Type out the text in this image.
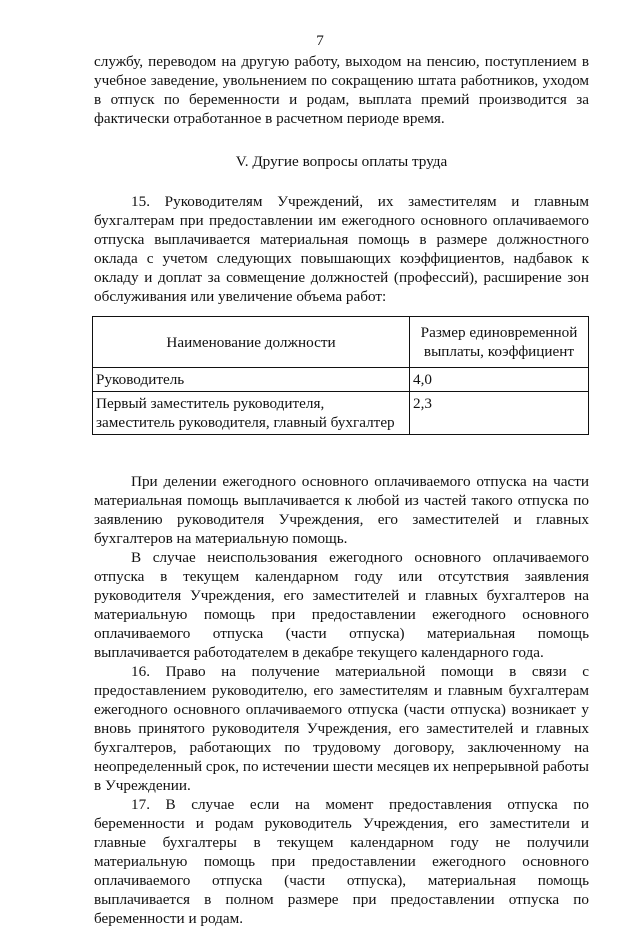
7

службу, переводом на другую работу, выходом на пенсию, поступлением в учебное заведение, увольнением по сокращению штата работников, уходом в отпуск по беременности и родам, выплата премий производится за фактически отработанное в расчетном периоде время.

V. Другие вопросы оплаты труда

15. Руководителям Учреждений, их заместителям и главным бухгалтерам при предоставлении им ежегодного основного оплачиваемого отпуска выплачивается материальная помощь в размере должностного оклада с учетом следующих повышающих коэффициентов, надбавок к окладу и доплат за совмещение должностей (профессий), расширение зон обслуживания или увеличение объема работ:

Наименование должности	Размер единовременной выплаты, коэффициент
Руководитель	4,0
Первый заместитель руководителя, заместитель руководителя, главный бухгалтер	2,3

При делении ежегодного основного оплачиваемого отпуска на части материальная помощь выплачивается к любой из частей такого отпуска по заявлению руководителя Учреждения, его заместителей и главных бухгалтеров на материальную помощь.

В случае неиспользования ежегодного основного оплачиваемого отпуска в текущем календарном году или отсутствия заявления руководителя Учреждения, его заместителей и главных бухгалтеров на материальную помощь при предоставлении ежегодного основного оплачиваемого отпуска (части отпуска) материальная помощь выплачивается работодателем в декабре текущего календарного года.

16. Право на получение материальной помощи в связи с предоставлением руководителю, его заместителям и главным бухгалтерам ежегодного основного оплачиваемого отпуска (части отпуска) возникает у вновь принятого руководителя Учреждения, его заместителей и главных бухгалтеров, работающих по трудовому договору, заключенному на неопределенный срок, по истечении шести месяцев их непрерывной работы в Учреждении.

17. В случае если на момент предоставления отпуска по беременности и родам руководитель Учреждения, его заместители и главные бухгалтеры в текущем календарном году не получили материальную помощь при предоставлении ежегодного основного оплачиваемого отпуска (части отпуска), материальная помощь выплачивается в полном размере при предоставлении отпуска по беременности и родам.
